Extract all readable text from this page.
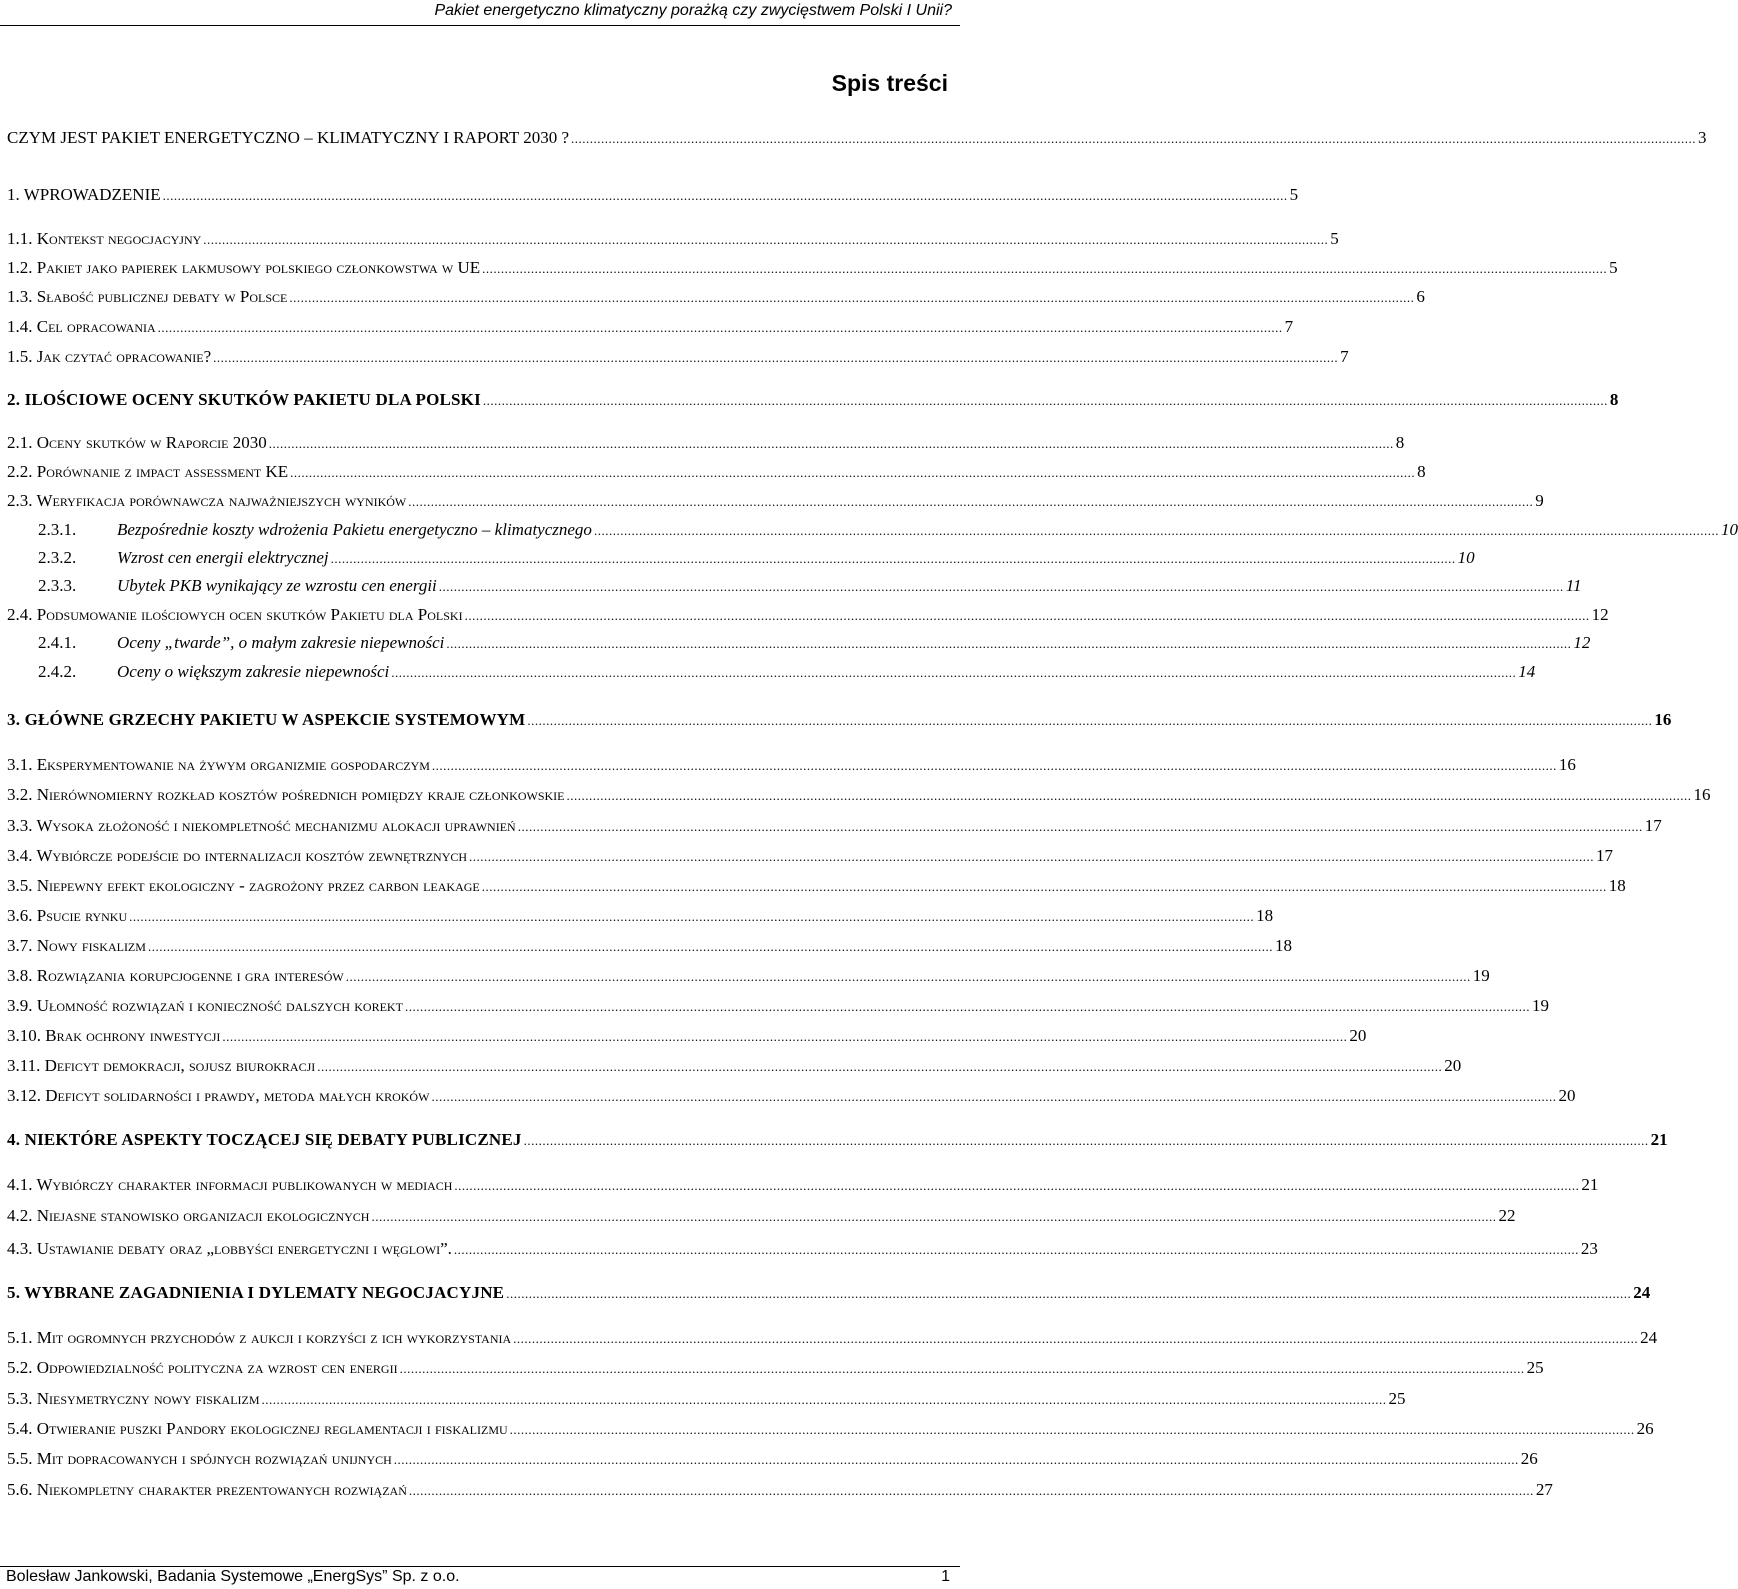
Pakiet energetyczno klimatyczny porażką czy zwycięstwem Polski I Unii?
Spis treści
CZYM JEST PAKIET ENERGETYCZNO – KLIMATYCZNY I RAPORT 2030 ? ............................................................................................................................................................................................................................................................................................................ 3
1. WPROWADZENIE ............................................................................................................................................................................................................................................................................................................ 5
1.1. Kontekst negocjacyjny ............................................................................................................................................................................................................................................................................................................ 5
1.2. Pakiet jako papierek lakmusowy polskiego członkowstwa w UE ............................................................................................................................................................................................................................................................................................................ 5
1.3. Słabość publicznej debaty w Polsce ............................................................................................................................................................................................................................................................................................................ 6
1.4. Cel opracowania ............................................................................................................................................................................................................................................................................................................ 7
1.5. Jak czytać opracowanie? ............................................................................................................................................................................................................................................................................................................ 7
2. ILOŚCIOWE OCENY SKUTKÓW PAKIETU DLA POLSKI ............................................................................................................................................................................................................................................................................................................ 8
2.1. Oceny skutków w Raporcie 2030 ............................................................................................................................................................................................................................................................................................................ 8
2.2. Porównanie z impact assessment KE ............................................................................................................................................................................................................................................................................................................ 8
2.3. Weryfikacja porównawcza najważniejszych wyników ............................................................................................................................................................................................................................................................................................................ 9
2.3.1. Bezpośrednie koszty wdrożenia Pakietu energetyczno – klimatycznego ............................................................................................................................................................................................................................................................................................................ 10
2.3.2. Wzrost cen energii elektrycznej ............................................................................................................................................................................................................................................................................................................ 10
2.3.3. Ubytek PKB wynikający ze wzrostu cen energii ............................................................................................................................................................................................................................................................................................................ 11
2.4. Podsumowanie ilościowych ocen skutków Pakietu dla Polski ............................................................................................................................................................................................................................................................................................................ 12
2.4.1. Oceny „twarde”, o małym zakresie niepewności ............................................................................................................................................................................................................................................................................................................ 12
2.4.2. Oceny o większym zakresie niepewności ............................................................................................................................................................................................................................................................................................................ 14
3. GŁÓWNE GRZECHY PAKIETU W ASPEKCIE SYSTEMOWYM ............................................................................................................................................................................................................................................................................................................ 16
3.1. Eksperymentowanie na żywym organizmie gospodarczym ............................................................................................................................................................................................................................................................................................................ 16
3.2. Nierównomierny rozkład kosztów pośrednich pomiędzy kraje członkowskie ............................................................................................................................................................................................................................................................................................................ 16
3.3. Wysoka złożoność i niekompletność mechanizmu alokacji uprawnień ............................................................................................................................................................................................................................................................................................................ 17
3.4. Wybiórcze podejście do internalizacji kosztów zewnętrznych ............................................................................................................................................................................................................................................................................................................ 17
3.5. Niepewny efekt ekologiczny - zagrożony przez carbon leakage ............................................................................................................................................................................................................................................................................................................ 18
3.6. Psucie rynku ............................................................................................................................................................................................................................................................................................................ 18
3.7. Nowy fiskalizm ............................................................................................................................................................................................................................................................................................................ 18
3.8. Rozwiązania korupcjogenne i gra interesów ............................................................................................................................................................................................................................................................................................................ 19
3.9. Ułomność rozwiązań i konieczność dalszych korekt ............................................................................................................................................................................................................................................................................................................ 19
3.10. Brak ochrony inwestycji ............................................................................................................................................................................................................................................................................................................ 20
3.11. Deficyt demokracji, sojusz biurokracji ............................................................................................................................................................................................................................................................................................................ 20
3.12. Deficyt solidarności i prawdy, metoda małych kroków ............................................................................................................................................................................................................................................................................................................ 20
4. NIEKTÓRE ASPEKTY TOCZĄCEJ SIĘ DEBATY PUBLICZNEJ ............................................................................................................................................................................................................................................................................................................ 21
4.1. Wybiórczy charakter informacji publikowanych w mediach ............................................................................................................................................................................................................................................................................................................ 21
4.2. Niejasne stanowisko organizacji ekologicznych ............................................................................................................................................................................................................................................................................................................ 22
4.3. Ustawianie debaty oraz „lobbyści energetyczni i węglowi”. ............................................................................................................................................................................................................................................................................................................ 23
5. WYBRANE ZAGADNIENIA I DYLEMATY NEGOCJACYJNE ............................................................................................................................................................................................................................................................................................................ 24
5.1. Mit ogromnych przychodów z aukcji i korzyści z ich wykorzystania ............................................................................................................................................................................................................................................................................................................ 24
5.2. Odpowiedzialność polityczna za wzrost cen energii ............................................................................................................................................................................................................................................................................................................ 25
5.3. Niesymetryczny nowy fiskalizm ............................................................................................................................................................................................................................................................................................................ 25
5.4. Otwieranie puszki Pandory ekologicznej reglamentacji i fiskalizmu ............................................................................................................................................................................................................................................................................................................ 26
5.5. Mit dopracowanych i spójnych rozwiązań unijnych ............................................................................................................................................................................................................................................................................................................ 26
5.6. Niekompletny charakter prezentowanych rozwiązań ............................................................................................................................................................................................................................................................................................................ 27
Bolesław Jankowski, Badania Systemowe „EnergSys” Sp. z o.o.	1
